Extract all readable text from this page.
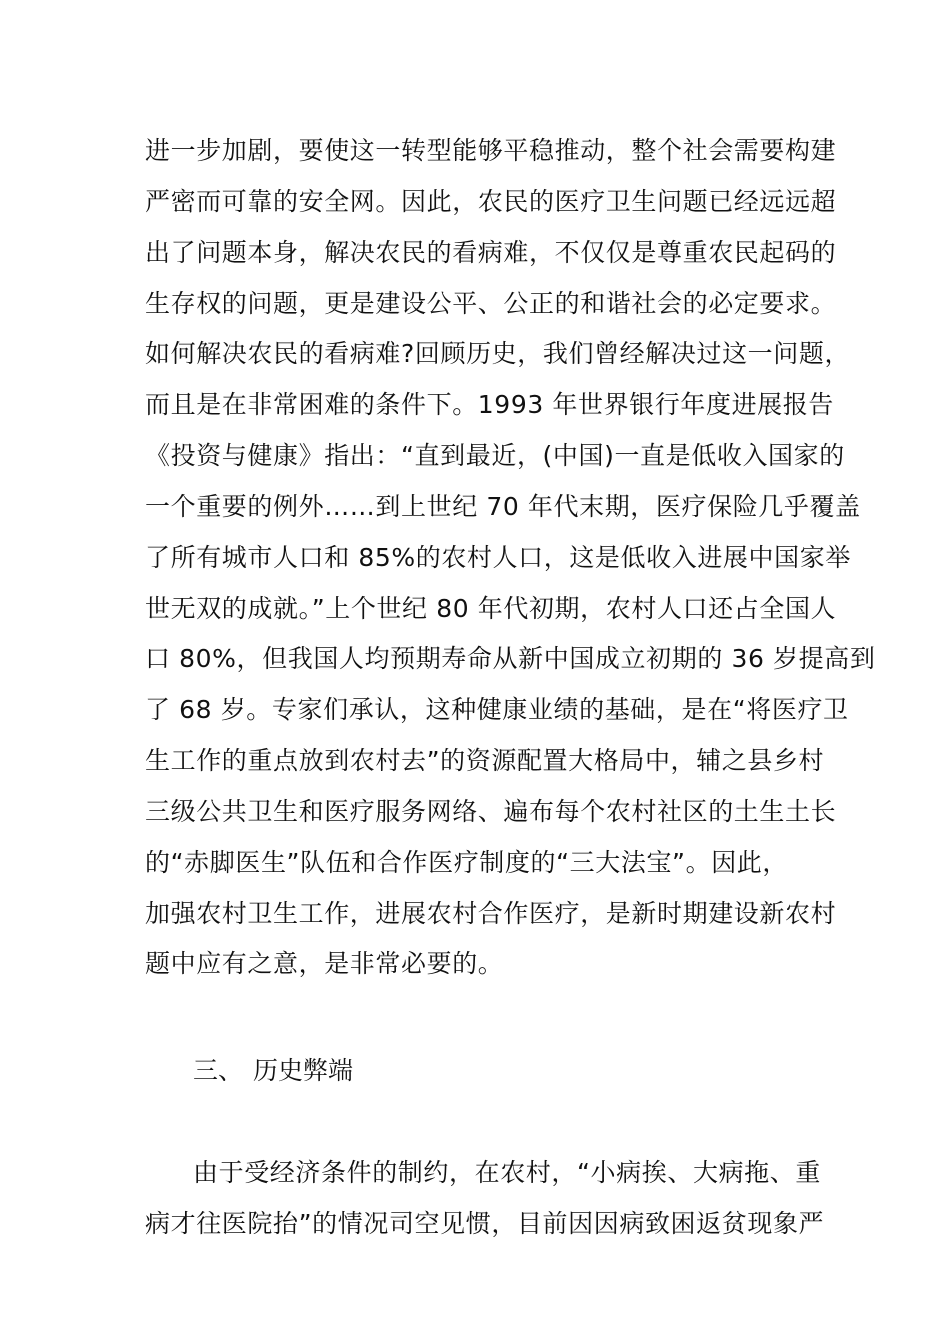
进一步加剧，要使这一转型能够平稳推动，整个社会需要构建
严密而可靠的安全网。因此，农民的医疗卫生问题已经远远超
出了问题本身，解决农民的看病难，不仅仅是尊重农民起码的
生存权的问题，更是建设公平、公正的和谐社会的必定要求。
如何解决农民的看病难?回顾历史，我们曾经解决过这一问题，
而且是在非常困难的条件下。1993 年世界银行年度进展报告
《投资与健康》指出：“直到最近，(中国)一直是低收入国家的
一个重要的例外……到上世纪 70 年代末期，医疗保险几乎覆盖
了所有城市人口和 85%的农村人口，这是低收入进展中国家举
世无双的成就。”上个世纪 80 年代初期，农村人口还占全国人
口 80%，但我国人均预期寿命从新中国成立初期的 36 岁提高到
了 68 岁。专家们承认，这种健康业绩的基础，是在“将医疗卫
生工作的重点放到农村去”的资源配置大格局中，辅之县乡村
三级公共卫生和医疗服务网络、遍布每个农村社区的土生土长
的“赤脚医生”队伍和合作医疗制度的“三大法宝”。因此，
加强农村卫生工作，进展农村合作医疗，是新时期建设新农村
题中应有之意，是非常必要的。
三、 历史弊端
由于受经济条件的制约，在农村，“小病挨、大病拖、重
病才往医院抬”的情况司空见惯，目前因因病致困返贫现象严
